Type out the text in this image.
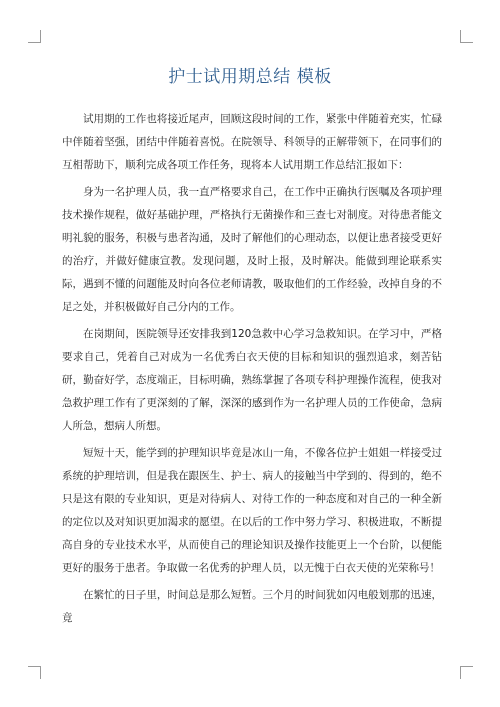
护士试用期总结 模板

试用期的工作也将接近尾声，回顾这段时间的工作，紧张中伴随着充实，忙碌中伴随着坚强，团结中伴随着喜悦。在院领导、科领导的正解带领下，在同事们的互相帮助下，顺利完成各项工作任务，现将本人试用期工作总结汇报如下：

身为一名护理人员，我一直严格要求自己，在工作中正确执行医嘱及各项护理技术操作规程，做好基础护理，严格执行无菌操作和三查七对制度。对待患者能文明礼貌的服务，积极与患者沟通，及时了解他们的心理动态，以便让患者接受更好的治疗，并做好健康宣教。发现问题，及时上报，及时解决。能做到理论联系实际，遇到不懂的问题能及时向各位老师请教，吸取他们的工作经验，改掉自身的不足之处，并积极做好自己分内的工作。

在岗期间，医院领导还安排我到120急救中心学习急救知识。在学习中，严格要求自己，凭着自己对成为一名优秀白衣天使的目标和知识的强烈追求，刻苦钻研，勤奋好学，态度端正，目标明确，熟练掌握了各项专科护理操作流程，使我对急救护理工作有了更深刻的了解，深深的感到作为一名护理人员的工作使命，急病人所急，想病人所想。

短短十天，能学到的护理知识毕竟是冰山一角，不像各位护士姐姐一样接受过系统的护理培训，但是我在跟医生、护士、病人的接触当中学到的、得到的，绝不只是这有限的专业知识，更是对待病人、对待工作的一种态度和对自己的一种全新的定位以及对知识更加渴求的愿望。在以后的工作中努力学习、积极进取，不断提高自身的专业技术水平，从而使自己的理论知识及操作技能更上一个台阶，以便能更好的服务于患者。争取做一名优秀的护理人员，以无愧于白衣天使的光荣称号！

在繁忙的日子里，时间总是那么短暂。三个月的时间犹如闪电般划那的迅速，竟
